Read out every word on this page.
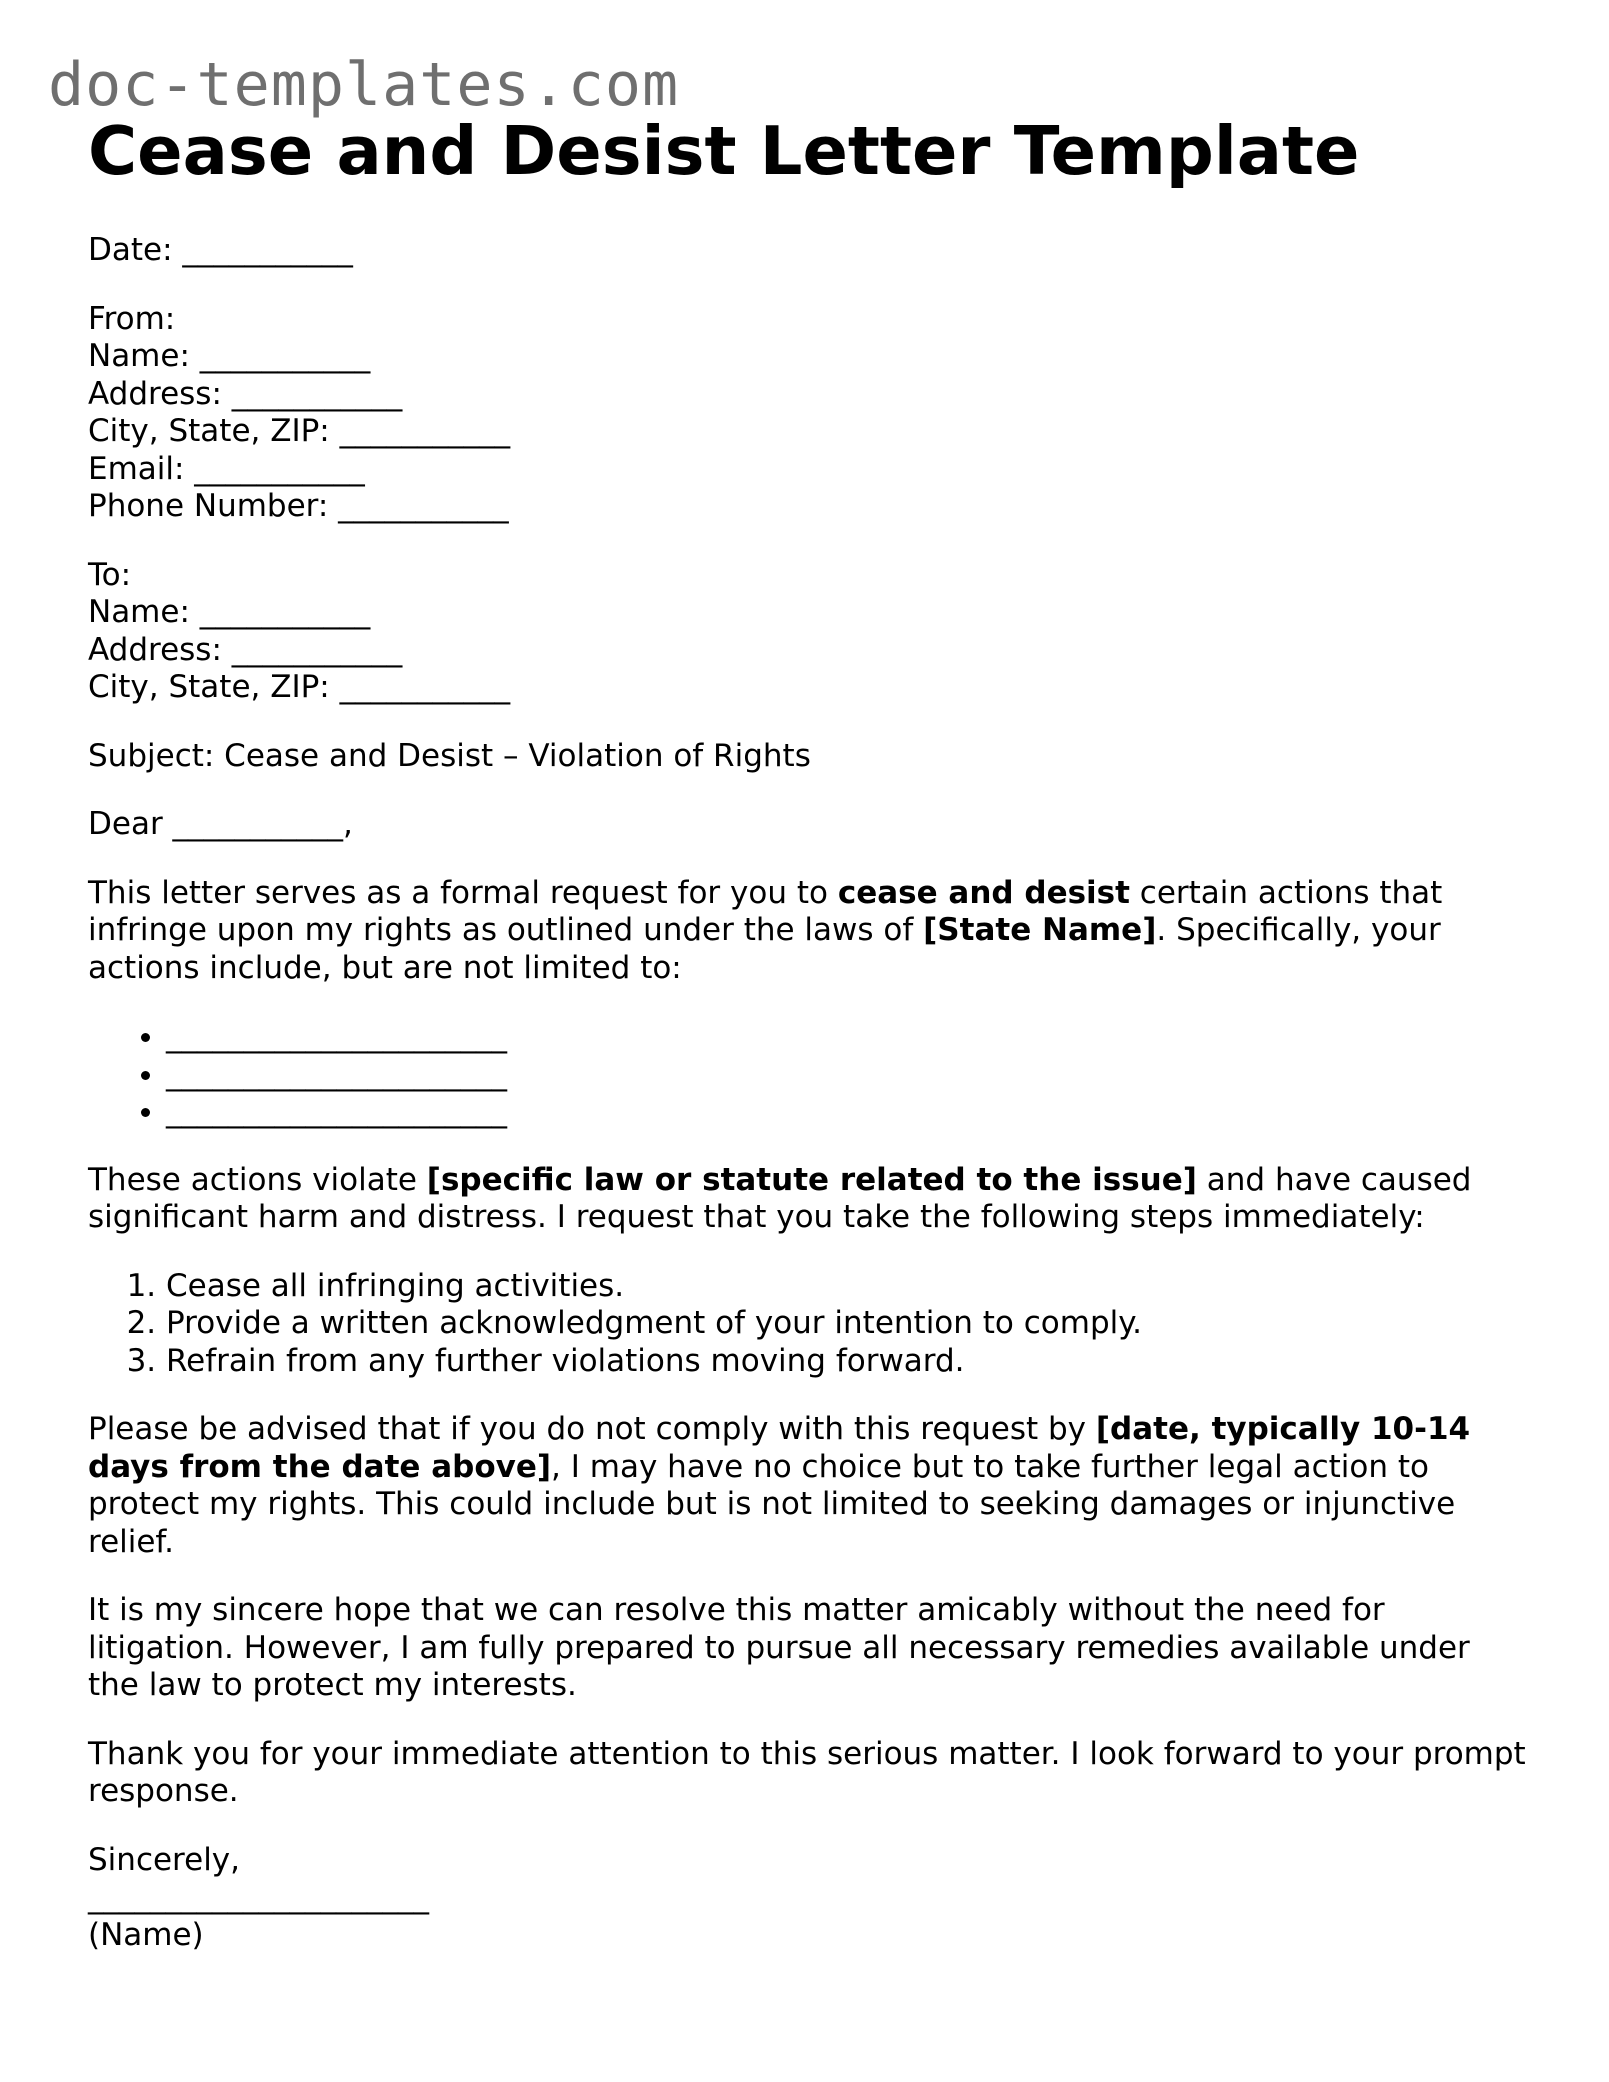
doc-templates.com
Cease and Desist Letter Template

Date: ___________

From:
Name: ___________
Address: ___________
City, State, ZIP: ___________
Email: ___________
Phone Number: ___________

To:
Name: ___________
Address: ___________
City, State, ZIP: ___________

Subject: Cease and Desist – Violation of Rights

Dear ___________,

This letter serves as a formal request for you to cease and desist certain actions that infringe upon my rights as outlined under the laws of [State Name]. Specifically, your actions include, but are not limited to:

• ______________________
• ______________________
• ______________________

These actions violate [specific law or statute related to the issue] and have caused significant harm and distress. I request that you take the following steps immediately:

1. Cease all infringing activities.
2. Provide a written acknowledgment of your intention to comply.
3. Refrain from any further violations moving forward.

Please be advised that if you do not comply with this request by [date, typically 10-14 days from the date above], I may have no choice but to take further legal action to protect my rights. This could include but is not limited to seeking damages or injunctive relief.

It is my sincere hope that we can resolve this matter amicably without the need for litigation. However, I am fully prepared to pursue all necessary remedies available under the law to protect my interests.

Thank you for your immediate attention to this serious matter. I look forward to your prompt response.

Sincerely,
______________________
(Name)
